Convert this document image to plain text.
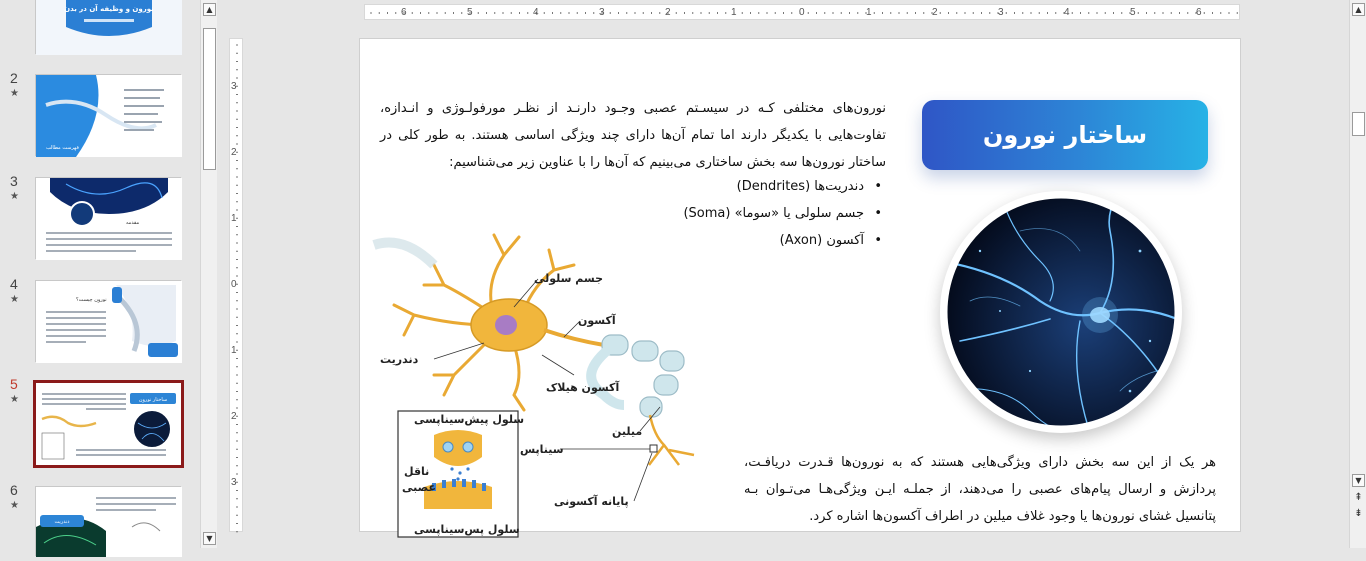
نورون و وظیفه آن در بدن
2
★
فهرست مطالب
3
★
مقدمه
4
★	نورون چیست؟
5
★	ساختار نورون
6
★
دندریت
▲
▼
6	5	4	3	2	1	0	1	2	3	4	5	6
3
2
1
0
1
2
3
ساختار نورون

نورون‌های مختلفی کـه در سیسـتم عصبی وجـود دارنـد از نظـر مورفولـوژی و انـدازه، تفاوت‌هایی با یکدیگر دارند اما تمام آن‌ها دارای چند ویژگی اساسی هستند. به طور کلی در ساختار نورون‌ها سه بخش ساختاری می‌بینیم که آن‌ها را با عناوین زیر می‌شناسیم:

• دندریت‌ها (Dendrites)
• جسم سلولی یا «سوما» (Soma)
• آکسون (Axon)
جسم سلولی
آکسون
دندریت
آکسون هیلاک
میلین
سیناپس
پایانه آکسونی
سلول پیش‌سیناپسی
سلول پس‌سیناپسی
ناقل
عصبی

هر یک از این سه بخش دارای ویژگی‌هایی هستند که به نورون‌ها قـدرت دریافـت، پردازش و ارسال پیام‌های عصبی را می‌دهند، از جملـه ایـن ویژگی‌هـا می‌تـوان بـه پتانسیل غشای نورون‌ها یا وجود غلاف میلین در اطراف آکسون‌ها اشاره کرد.

▲
▼
⇞
⇟
